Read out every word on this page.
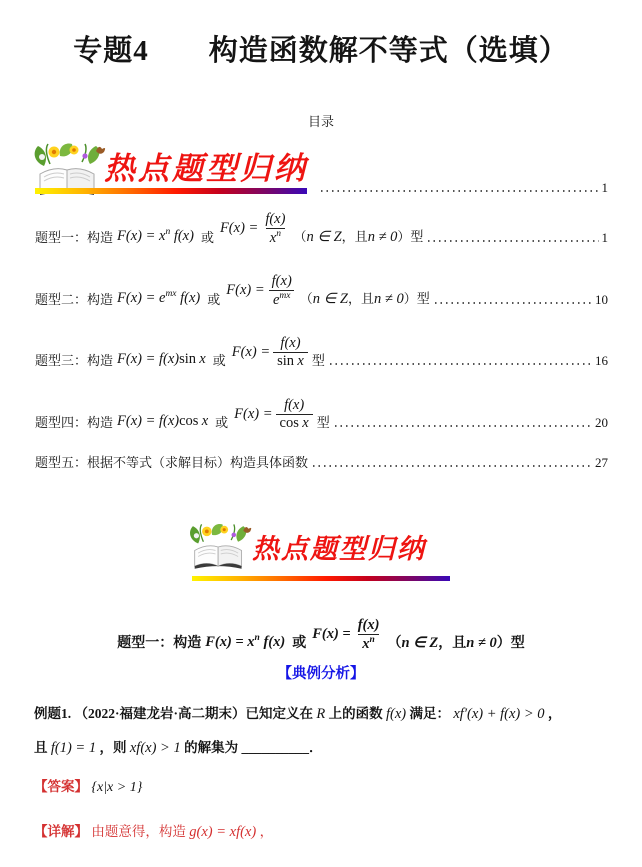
专题4　　构造函数解不等式（选填）
目录
热点题型归纳
1
题型一：构造 $F(x) = x^n$ f(x) 或
$F(x) = \frac{f(x)}{x^n} (n$ ∈ Z，且n ≠ 0）型	1
题型二：构造 $F(x) = e^{mx}$ f(x) 或
$F(x) = \frac{f(x)}{e^{mx}} (n$ ∈ Z，且n ≠ 0）型	10
题型三：构造 F(x) = f(x)sin x 或
$F(x) = \frac{f(x)}{\text{sin x}}$ 型	16
题型四：构造 F(x) = f(x)cos x 或
$F(x) = \frac{f(x)}{\text{cos x}}$ 型	20
题型五：根据不等式（求解目标）构造具体函数	27
热点题型归纳
题型一：构造 $F(x) = x^n$ f(x) 或
$F(x) = \frac{f(x)}{x^n} (n$ ∈ Z，且n ≠ 0）型
【典例分析】
例题1. （2022·福建龙岩·高二期末）已知定义在 R 上的函数 f(x) 满足： xf′(x) + f(x) > 0 ，
且 f(1) = 1 ，则 xf(x) > 1 的解集为 __________．
【答案】 {x|x > 1}
【详解】 由题意得，构造 g(x) = xf(x) ，
